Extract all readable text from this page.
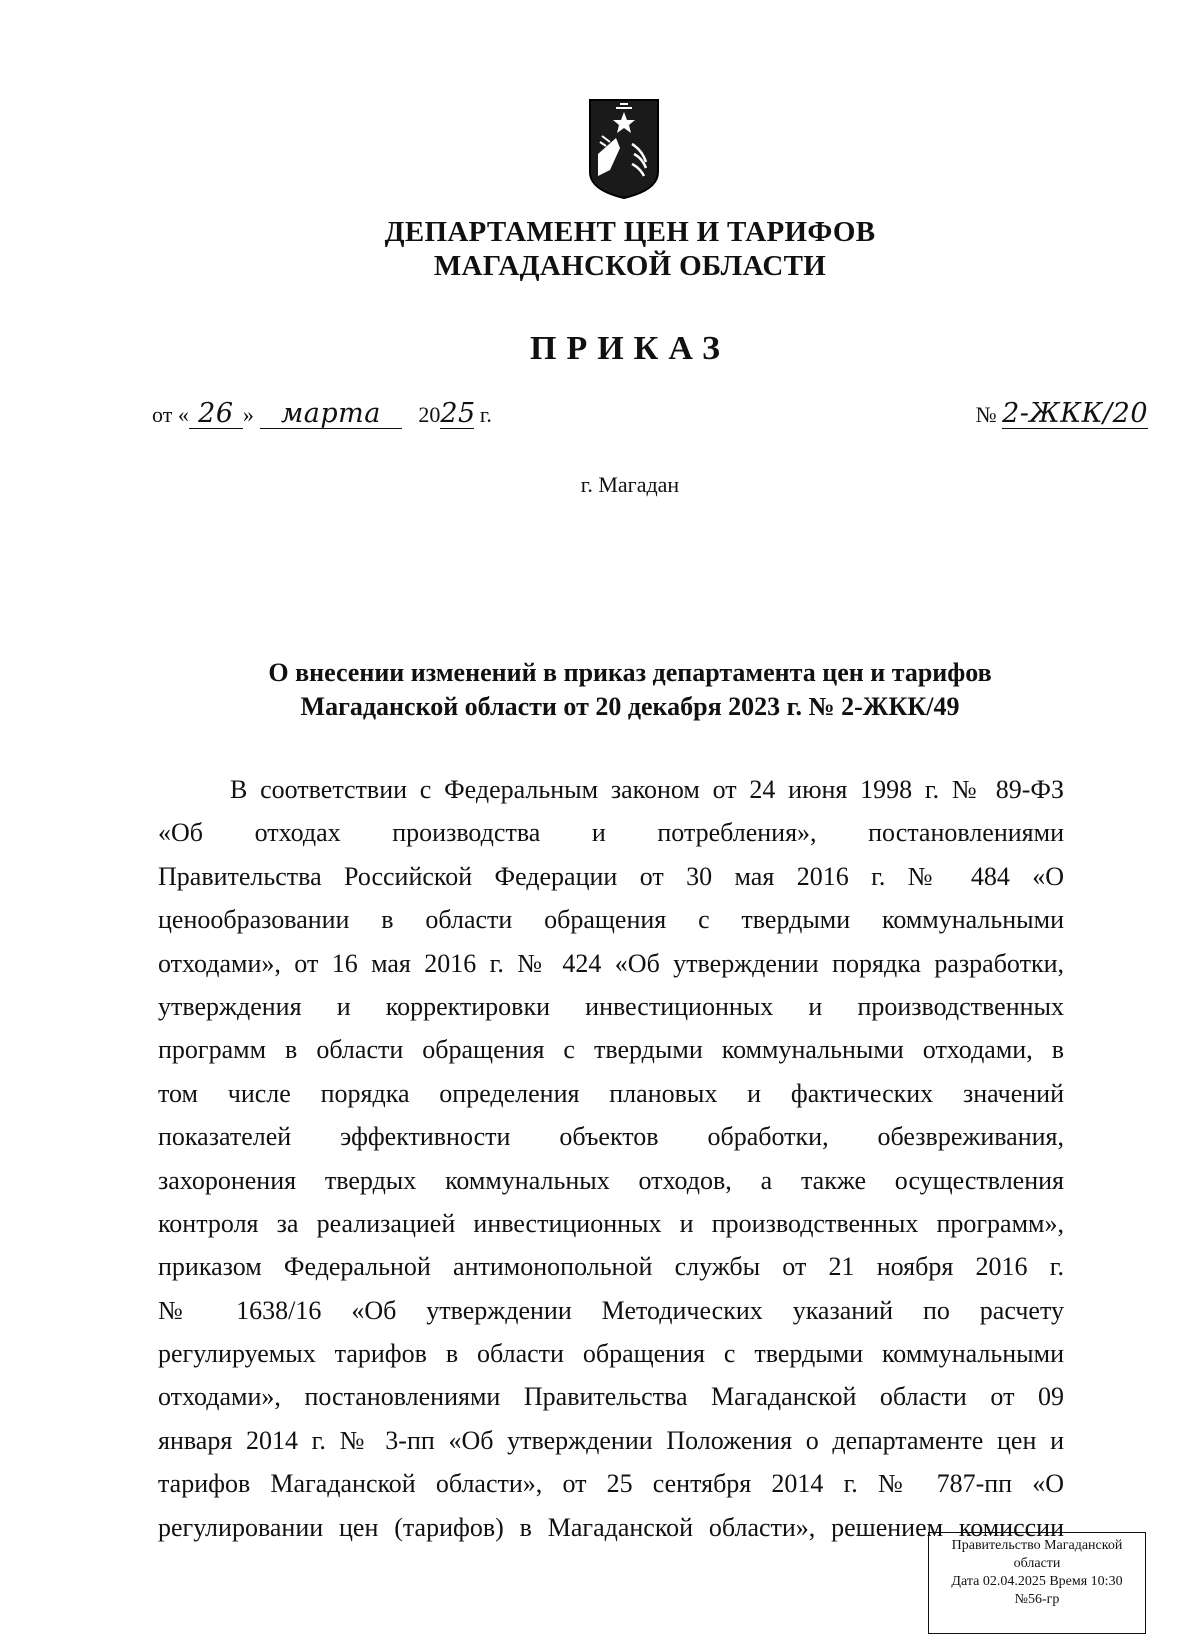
ДЕПАРТАМЕНТ ЦЕН И ТАРИФОВ
МАГАДАНСКОЙ ОБЛАСТИ
ПРИКАЗ
от « 26 » марта 2025 г.	№ 2-ЖКК/20
г. Магадан
О внесении изменений в приказ департамента цен и тарифов
Магаданской области от 20 декабря 2023 г. № 2-ЖКК/49
В соответствии с Федеральным законом от 24 июня 1998 г. № 89-ФЗ
«Об отходах производства и потребления», постановлениями
Правительства Российской Федерации от 30 мая 2016 г. № 484 «О
ценообразовании в области обращения с твердыми коммунальными
отходами», от 16 мая 2016 г. № 424 «Об утверждении порядка разработки,
утверждения и корректировки инвестиционных и производственных
программ в области обращения с твердыми коммунальными отходами, в
том числе порядка определения плановых и фактических значений
показателей эффективности объектов обработки, обезвреживания,
захоронения твердых коммунальных отходов, а также осуществления
контроля за реализацией инвестиционных и производственных программ»,
приказом Федеральной антимонопольной службы от 21 ноября 2016 г.
№ 1638/16 «Об утверждении Методических указаний по расчету
регулируемых тарифов в области обращения с твердыми коммунальными
отходами», постановлениями Правительства Магаданской области от 09
января 2014 г. № 3-пп «Об утверждении Положения о департаменте цен и
тарифов Магаданской области», от 25 сентября 2014 г. № 787-пп «О
регулировании цен (тарифов) в Магаданской области», решением комиссии
Правительство Магаданской
области
Дата 02.04.2025 Время 10:30
№56-гр
